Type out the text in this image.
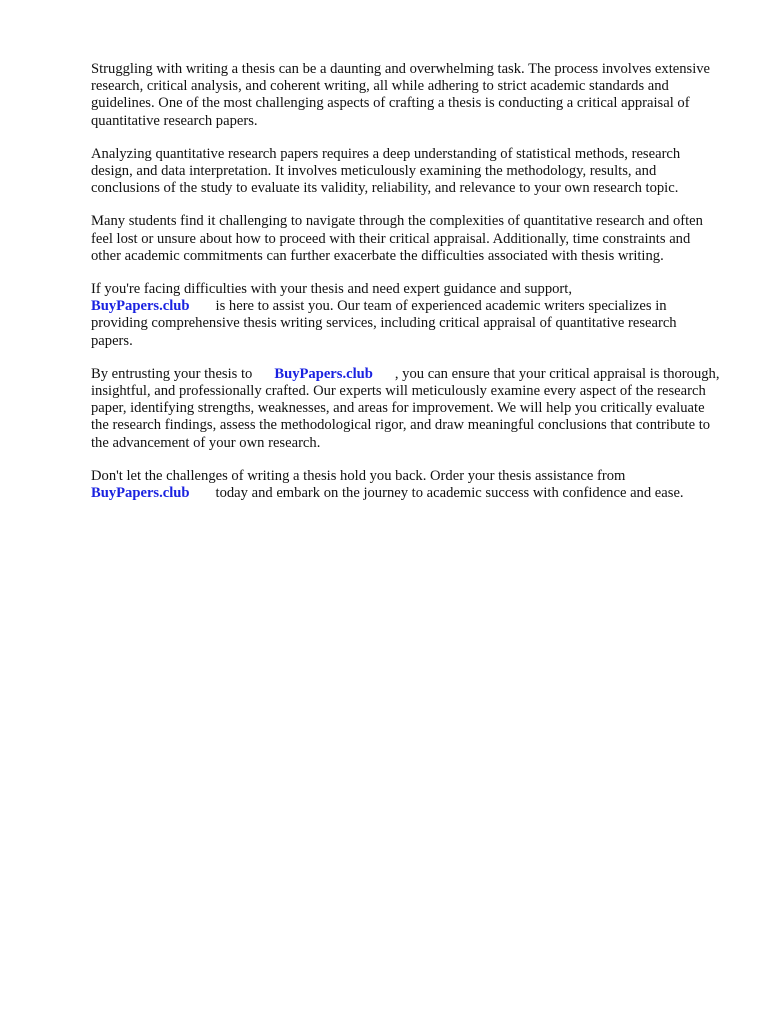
Struggling with writing a thesis can be a daunting and overwhelming task. The process involves extensive research, critical analysis, and coherent writing, all while adhering to strict academic standards and guidelines. One of the most challenging aspects of crafting a thesis is conducting a critical appraisal of quantitative research papers.

Analyzing quantitative research papers requires a deep understanding of statistical methods, research design, and data interpretation. It involves meticulously examining the methodology, results, and conclusions of the study to evaluate its validity, reliability, and relevance to your own research topic.

Many students find it challenging to navigate through the complexities of quantitative research and often feel lost or unsure about how to proceed with their critical appraisal. Additionally, time constraints and other academic commitments can further exacerbate the difficulties associated with thesis writing.

If you're facing difficulties with your thesis and need expert guidance and support,
BuyPapers.club is here to assist you. Our team of experienced academic writers specializes in providing comprehensive thesis writing services, including critical appraisal of quantitative research papers.

By entrusting your thesis to BuyPapers.club , you can ensure that your critical appraisal is thorough, insightful, and professionally crafted. Our experts will meticulously examine every aspect of the research paper, identifying strengths, weaknesses, and areas for improvement. We will help you critically evaluate the research findings, assess the methodological rigor, and draw meaningful conclusions that contribute to the advancement of your own research.

Don't let the challenges of writing a thesis hold you back. Order your thesis assistance from
BuyPapers.club today and embark on the journey to academic success with confidence and ease.
